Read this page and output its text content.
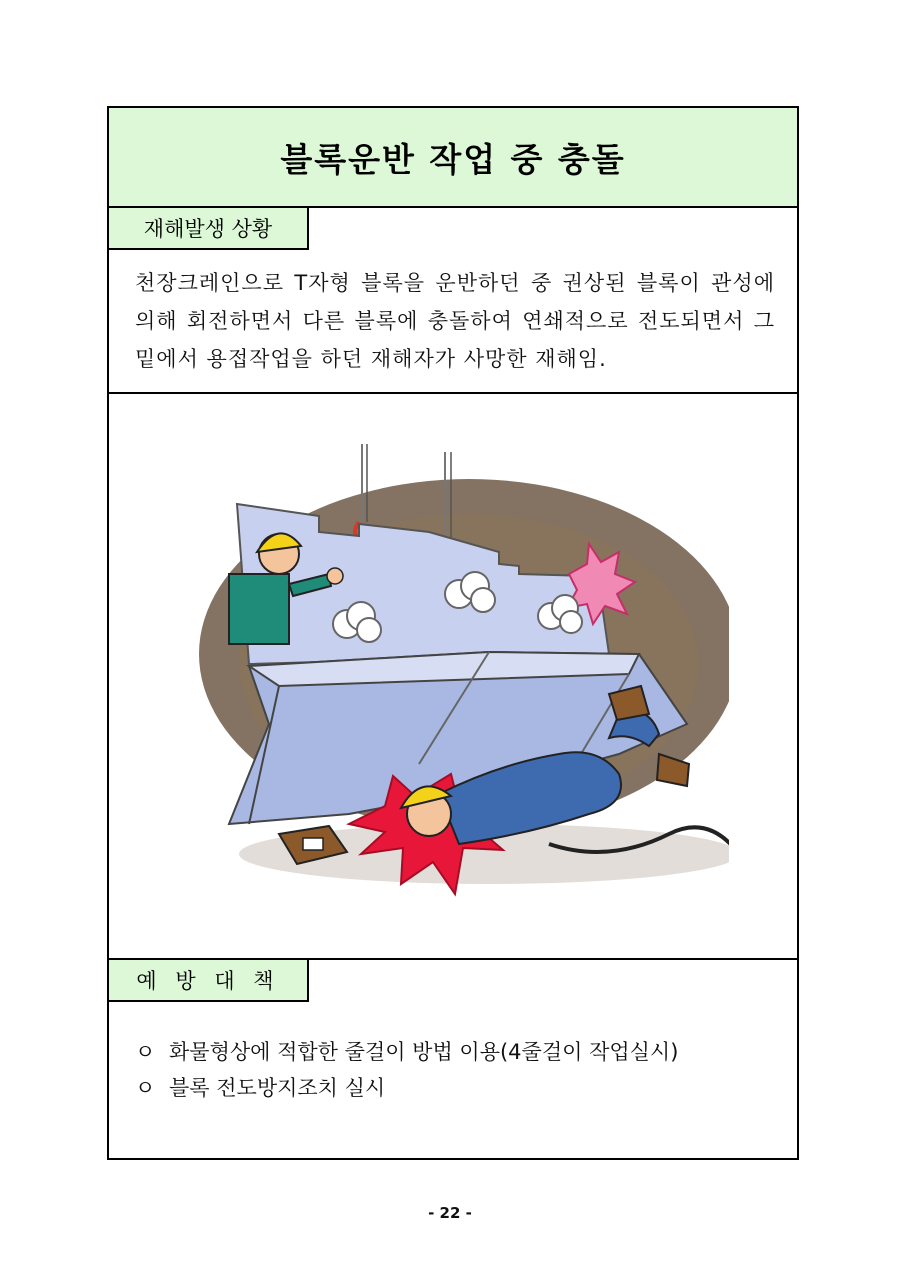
블록운반 작업 중 충돌
재해발생 상황
천장크레인으로 T자형 블록을 운반하던 중 권상된 블록이 관성에 의해 회전하면서 다른 블록에 충돌하여 연쇄적으로 전도되면서 그 밑에서 용접작업을 하던 재해자가 사망한 재해임.
예 방 대 책
ㅇ 화물형상에 적합한 줄걸이 방법 이용(4줄걸이 작업실시)
ㅇ 블록 전도방지조치 실시
- 22 -
